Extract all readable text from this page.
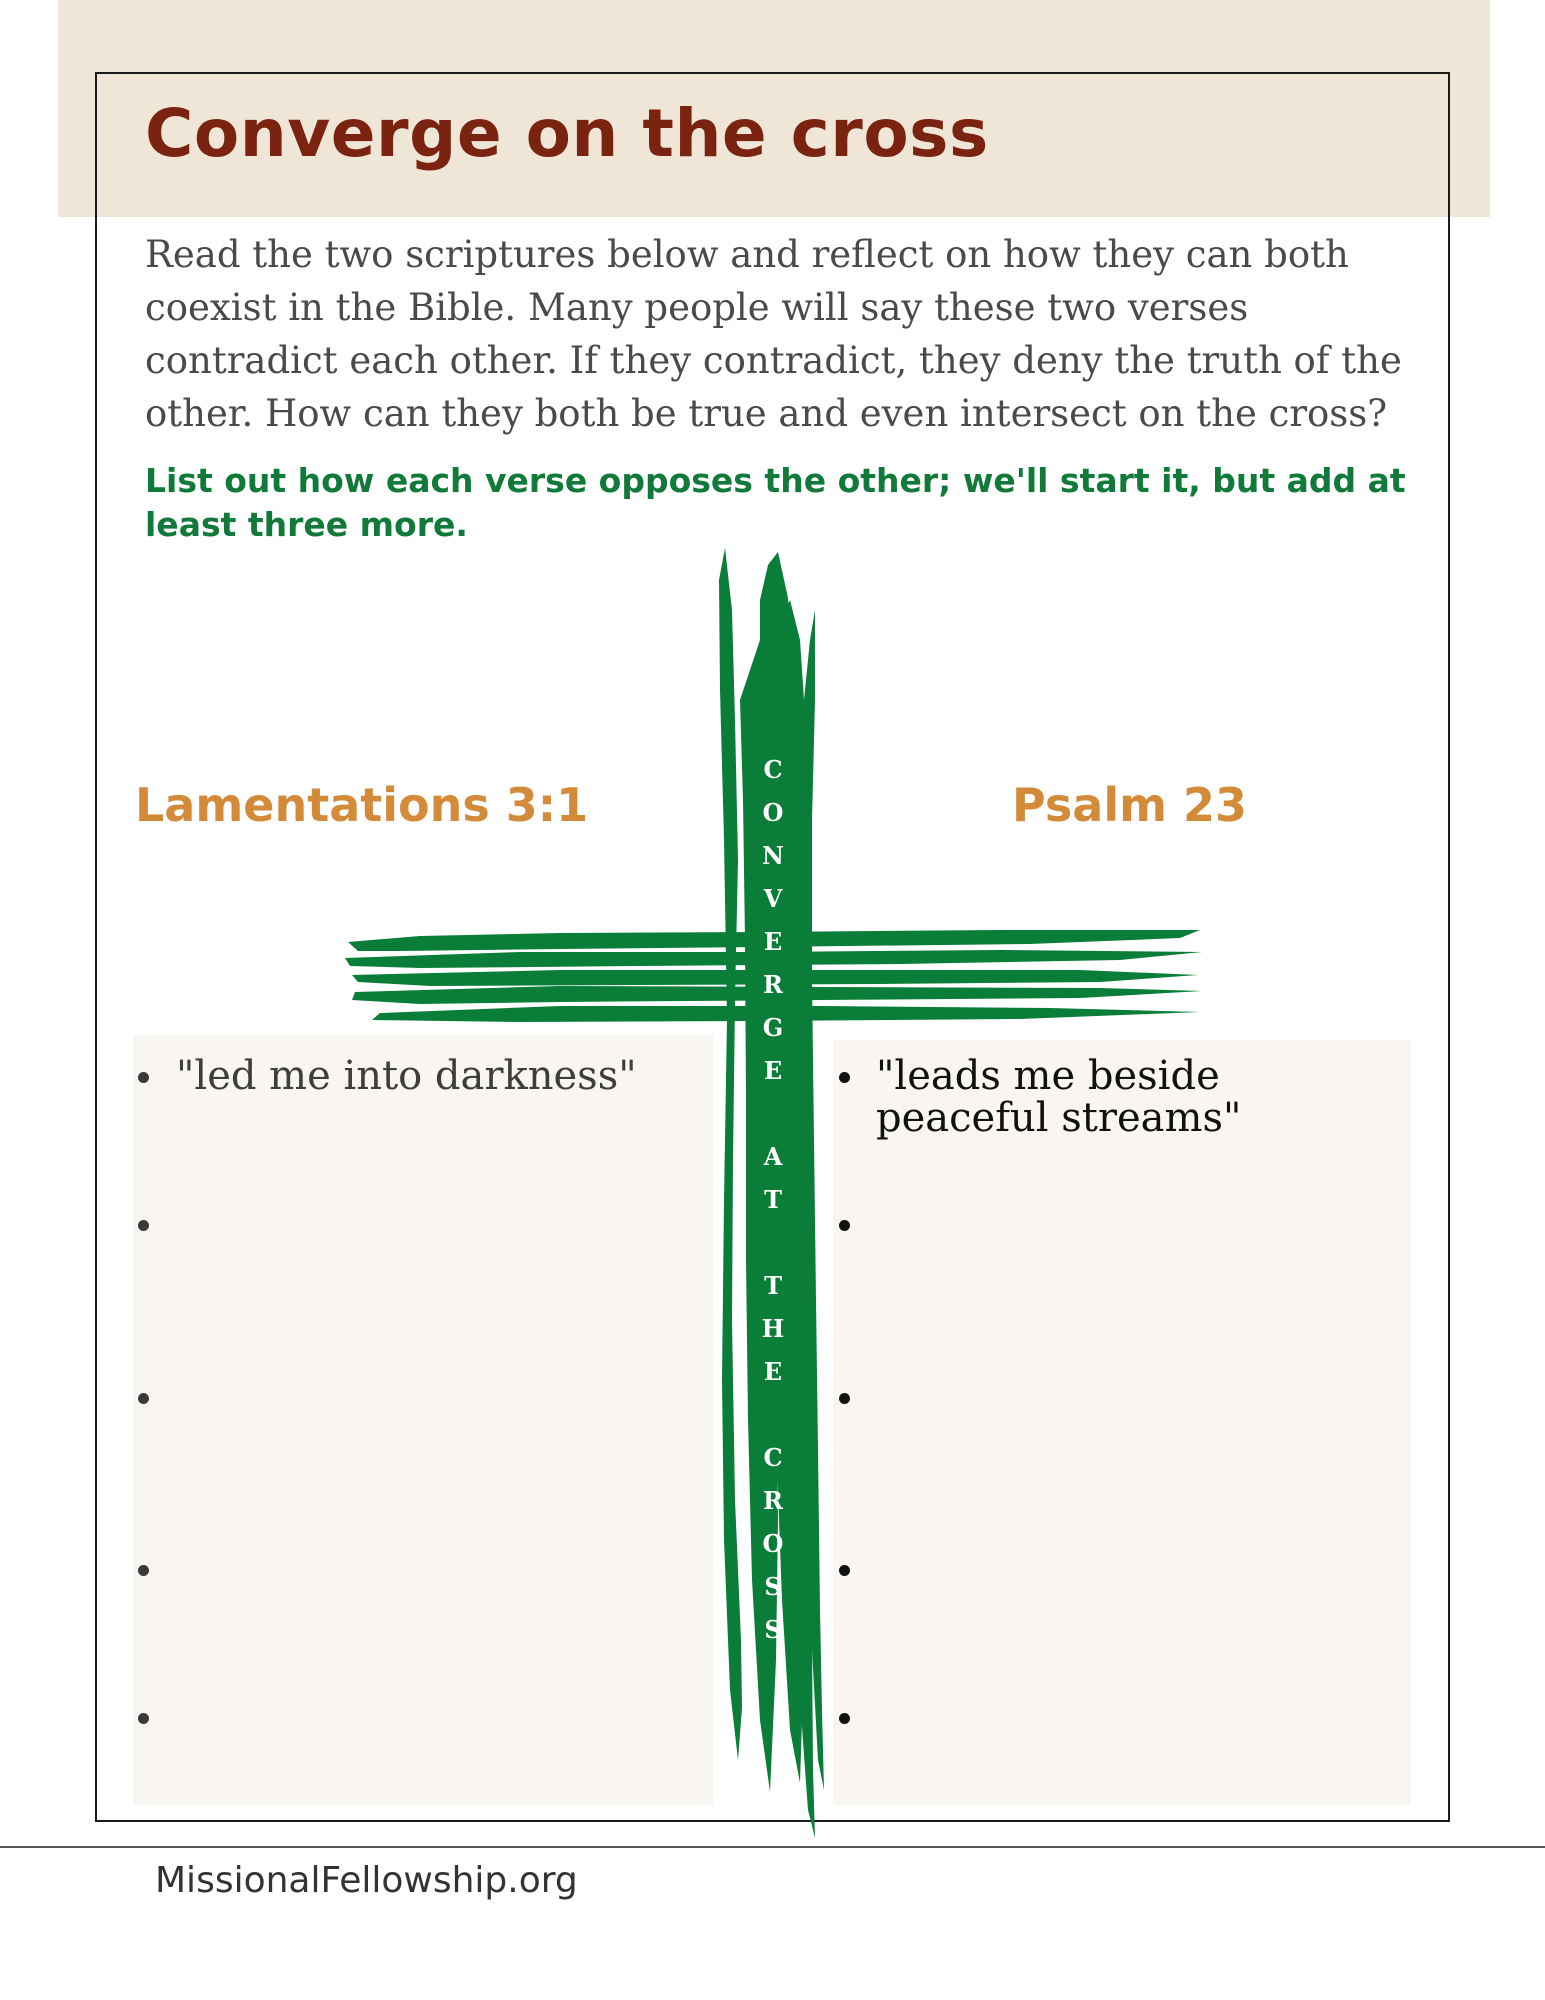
Converge on the cross

Read the two scriptures below and reflect on how they can both coexist in the Bible. Many people will say these two verses contradict each other. If they contradict, they deny the truth of the other. How can they both be true and even intersect on the cross?

List out how each verse opposes the other; we'll start it, but add at least three more.

"led me into darkness"	"leads me beside peaceful streams"
C
O
N
V
E
R
G
E
A
T
T
H
E
C
R
O
S
S
Lamentations 3:1	Psalm 23

MissionalFellowship.org
